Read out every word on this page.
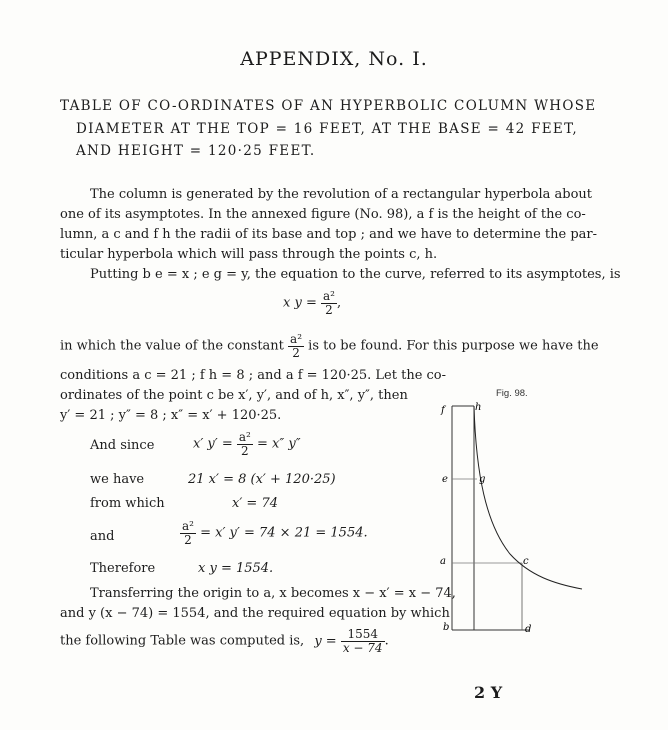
APPENDIX, No. I.
TABLE OF CO-ORDINATES OF AN HYPERBOLIC COLUMN WHOSE
DIAMETER AT THE TOP = 16 FEET, AT THE BASE = 42 FEET,
AND HEIGHT = 120·25 FEET.
The column is generated by the revolution of a rectangular hyperbola about
one of its asymptotes. In the annexed figure (No. 98), a f is the height of the co-
lumn, a c and f h the radii of its base and top ; and we have to determine the par-
ticular hyperbola which will pass through the points c, h.
Putting b e = x ; e g = y, the equation to the curve, referred to its asymptotes, is
x $y = \frac{\text{a²}}{2}$ ,
in which the value of the constant $\frac{\text{a²}}{2}$ is to be found. For this purpose we have the
conditions a c = 21 ; f h = 8 ; and a f = 120·25. Let the co-
ordinates of the point c be x′, y′, and of h, x″, y″, then
y′ = 21 ; y″ = 8 ; x″ = x′ + 120·25.
And since	x′ $y' = \frac{\text{a²}}{2} = x''$ y″
we have	21 x′ = 8 (x′ + 120·25)
from which	x′ = 74
and	$\frac{\text{a²}}{2} = x'$ y′ = 74 × 21 = 1554.
Therefore	x y = 1554.
Transferring the origin to a, x becomes x − x′ = x − 74,
and y (x − 74) = 1554, and the required equation by which
the following Table was computed is, $y = \frac{1554}{x - 74}$ .
Fig. 98.
f	h
e	g
a	c
b	d
2 Y
